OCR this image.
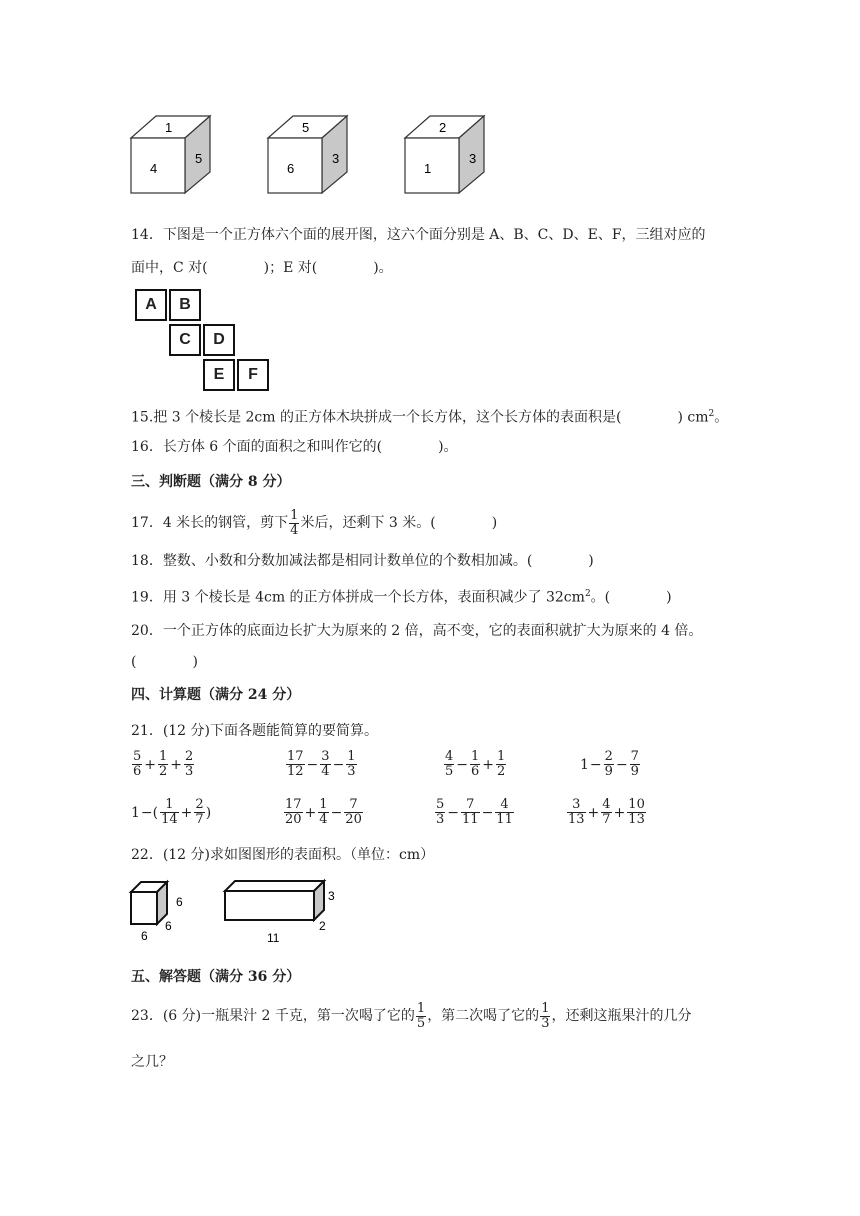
1
4
5
5
6
3
2
1
3
14．下图是一个正方体六个面的展开图，这六个面分别是 A、B、C、D、E、F，三组对应的
面中，C 对(　　　　)；E 对(　　　　)。
A	B
C	D
E	F
15.把 3 个棱长是 2cm 的正方体木块拼成一个长方体，这个长方体的表面积是(　　　　) $cm^2$。
16．长方体 6 个面的面积之和叫作它的(　　　　)。
三、判断题（满分 8 分）
17．4 米长的钢管，剪下 $\frac{1}{4}$ 米后，还剩下 3 米。(　　　　)
18．整数、小数和分数加减法都是相同计数单位的个数相加减。(　　　　)
19．用 3 个棱长是 4cm 的正方体拼成一个长方体，表面积减少了 $32cm^2$。(　　　　)
20．一个正方体的底面边长扩大为原来的 2 倍，高不变，它的表面积就扩大为原来的 4 倍。
(　　　　)
四、计算题（满分 24 分）
21．(12 分)下面各题能简算的要简算。
$\frac{5}{6} + \frac{1}{2} + \frac{2}{3}$	$\frac{17}{12} - \frac{3}{4} - \frac{1}{3}$	$\frac{4}{5} - \frac{1}{6} + \frac{1}{2}$	$1 - \frac{2}{9} - \frac{7}{9}$
1 −( $\frac{1}{14} + \frac{2}{7}$ )	$\frac{17}{20} + \frac{1}{4} - \frac{7}{20}$	$\frac{5}{3} - \frac{7}{11} - \frac{4}{11}$	$\frac{3}{13} + \frac{4}{7} + \frac{10}{13}$
22．(12 分)求如图图形的表面积。（单位：cm）
6
6
6
3
11
2
五、解答题（满分 36 分）
23．(6 分)一瓶果汁 2 千克，第一次喝了它的 $\frac{1}{5}$ ，第二次喝了它的 $\frac{1}{3}$ ，还剩这瓶果汁的几分
之几？
